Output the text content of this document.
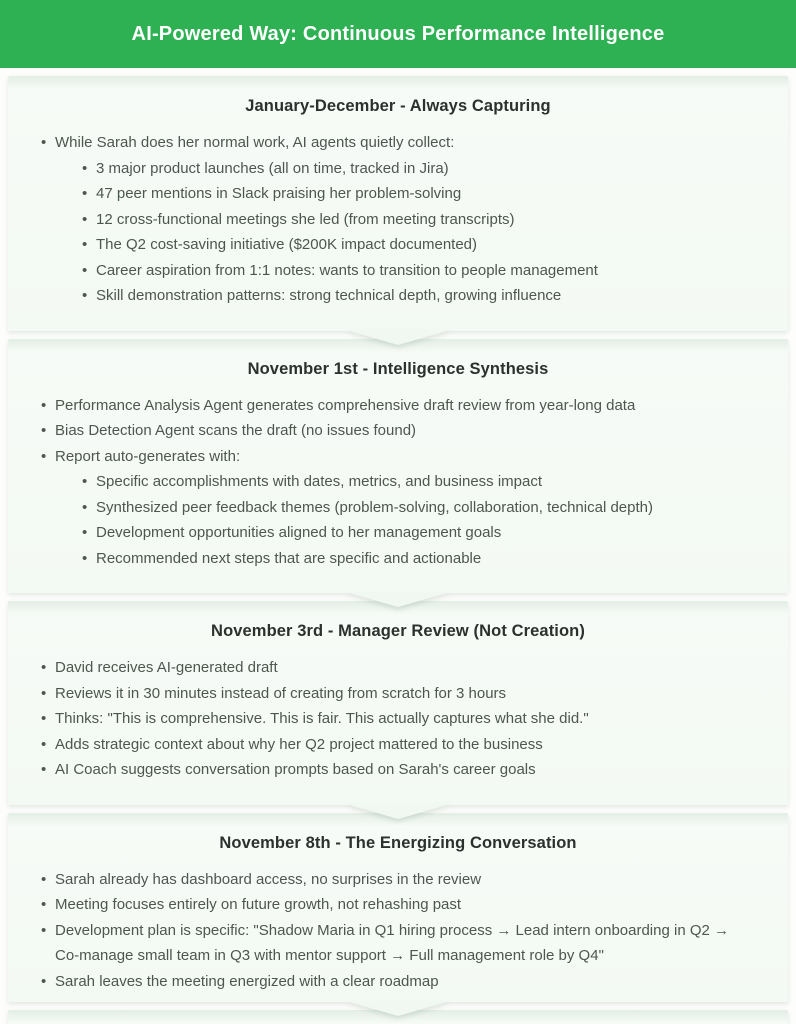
AI-Powered Way: Continuous Performance Intelligence
January-December - Always Capturing
• While Sarah does her normal work, AI agents quietly collect:
• 3 major product launches (all on time, tracked in Jira)
• 47 peer mentions in Slack praising her problem-solving
• 12 cross-functional meetings she led (from meeting transcripts)
• The Q2 cost-saving initiative ($200K impact documented)
• Career aspiration from 1:1 notes: wants to transition to people management
• Skill demonstration patterns: strong technical depth, growing influence
November 1st - Intelligence Synthesis
• Performance Analysis Agent generates comprehensive draft review from year-long data
• Bias Detection Agent scans the draft (no issues found)
• Report auto-generates with:
• Specific accomplishments with dates, metrics, and business impact
• Synthesized peer feedback themes (problem-solving, collaboration, technical depth)
• Development opportunities aligned to her management goals
• Recommended next steps that are specific and actionable
November 3rd - Manager Review (Not Creation)
• David receives AI-generated draft
• Reviews it in 30 minutes instead of creating from scratch for 3 hours
• Thinks: "This is comprehensive. This is fair. This actually captures what she did."
• Adds strategic context about why her Q2 project mattered to the business
• AI Coach suggests conversation prompts based on Sarah's career goals
November 8th - The Energizing Conversation
• Sarah already has dashboard access, no surprises in the review
• Meeting focuses entirely on future growth, not rehashing past
• Development plan is specific: "Shadow Maria in Q1 hiring process → Lead intern onboarding in Q2 → Co-manage small team in Q3 with mentor support → Full management role by Q4"
• Sarah leaves the meeting energized with a clear roadmap
